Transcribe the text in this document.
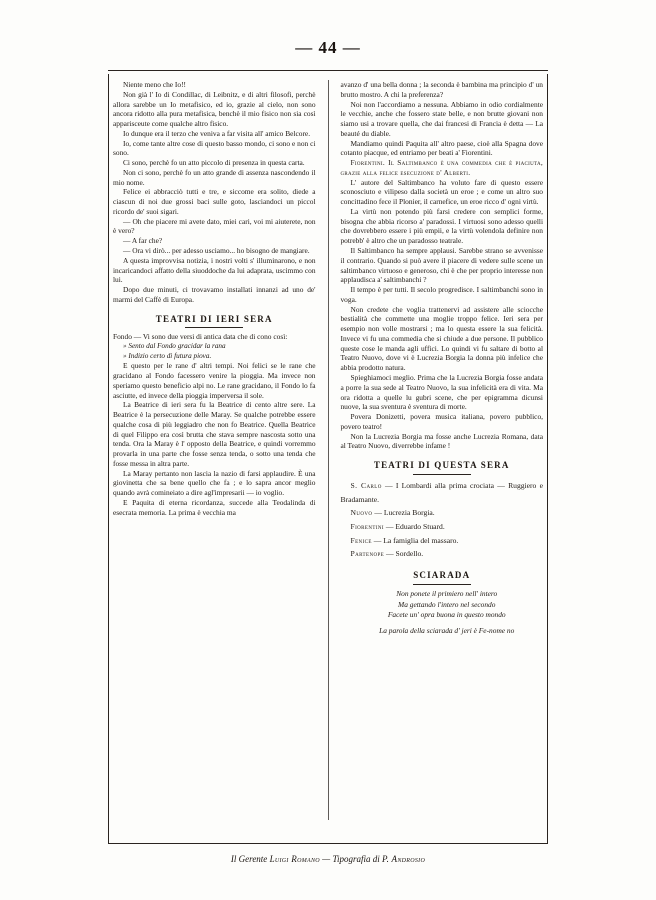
— 44 —

Niente meno che Io!!

Non già l' Io di Condillac, di Leibnitz, e di altri filosofi, perchè allora sarebbe un Io metafisico, ed io, grazie al cielo, non sono ancora ridotto alla pura metafisica, benchè il mio fisico non sia così apparisceute come qualche altro fisico.

Io dunque era il terzo che veniva a far visita all' amico Belcore.

Io, come tante altre cose di questo basso mondo, ci sono e non ci sono.

Ci sono, perchè fo un atto piccolo di presenza in questa carta.

Non ci sono, perchè fo un atto grande di assenza nascondendo il mio nome.

Felice ei abbracciò tutti e tre, e siccome era solito, diede a ciascun di noi due grossi baci sulle goto, lasciandoci un piccol ricordo de' suoi sigari.

— Oh che piacere mi avete dato, miei cari, voi mi aiuterete, non è vero?

— A far che?

— Ora vi dirò... per adesso usciamo... ho bisogno de mangiare.

A questa improvvisa notizia, i nostri volti s' illuminarono, e non incaricandoci affatto della siuoddoche da lui adaprata, uscimmo con lui.

Dopo due minuti, ci trovavamo installati innanzi ad uno de' marmi del Caffè di Europa.

TEATRI DI IERI SERA

Fondo — Vi sono due versi di antica data che di cono così:

» Sento dal Fondo gracidar la rana

» Indizio certo di futura piova.

E questo per le rane d' altri tempi. Noi felici se le rane che gracidano al Fondo facessero venire la pioggia. Ma invece non speriamo questo beneficio alpi no. Le rane gracidano, il Fondo lo fa asciutte, ed invece della pioggia imperversa il sole.

La Beatrice di ieri sera fu la Beatrice di cento altre sere. La Beatrice è la persecuzione delle Maray. Se qualche potrebbe essere qualche cosa di più leggiadro che non fo Beatrice. Quella Beatrice di quel Filippo era così brutta che stava sempre nascosta sotto una tenda. Ora la Maray è l' opposto della Beatrice, e quindi vorremmo provarla in una parte che fosse senza tenda, o sotto una tenda che fosse messa in altra parte.

La Maray pertanto non lascia la nazio di farsi applaudire. È una giovinetta che sa bene quello che fa ; e lo sapra ancor meglio quando avrà comineiato a dire agl'impresarii — io voglio.

E Paquita di eterna ricordanza, succede alla Teodalinda di esecrata memoria. La prima è vecchia ma

avanzo d' una bella donna ; la seconda è bambina ma principio d' un brutto mostro. A chi la preferenza?

Noi non l'accordiamo a nessuna. Abbiamo in odio cordialmente le vecchie, anche che fossero state belle, e non brutte giovani non siamo usi a trovare quella, che dai francesi di Francia è detta — La beauté du diable.

Mandiamo quindi Paquita all' altro paese, cioè alla Spagna dove cotanto piacque, ed entriamo per beati a' Fiorentini.

Fiorentini. Il Saltimbanco è una commedia che è piaciuta, grazie alla felice esecuzione d' Alberti.

L' autore del Saltimbanco ha voluto fare di questo essere sconosciuto e vilipeso dalla società un eroe ; e come un altro suo concittadino fece il Plonier, il carnefice, un eroe ricco d' ogni virtù.

La virtù non potendo più farsi credere con semplici forme, bisogna che abbia ricorso a' paradossi. I virtuosi sono adesso quelli che dovrebbero essere i più empii, e la virtù volendola definire non potrebb' è altro che un paradosso teatrale.

Il Saltimbanco ha sempre applausi. Sarebbe strano se avvenisse il contrario. Quando si può avere il piacere di vedere sulle scene un saltimbanco virtuoso e generoso, chi è che per proprio interesse non applaudisca a' saltimbanchi ?

Il tempo è per tutti. Il secolo progredisce. I saltimbanchi sono in voga.

Non credete che voglia trattenervi ad assistere alle sciocche bestialità che commette una moglie troppo felice. Ieri sera per esempio non volle mostrarsi ; ma lo questa essere la sua felicità. Invece vi fu una commedia che si chiude a due persone. Il pubblico queste cose le manda agli uffici. Lo quindi vi fu saltare di botto al Teatro Nuovo, dove vi è Lucrezia Borgia la donna più infelice che abbia prodotto natura.

Spieghiamoci meglio. Prima che la Lucrezia Borgia fosse andata a porre la sua sede al Teatro Nuovo, la sua infelicità era di vita. Ma ora ridotta a quelle lu gubri scene, che per epigramma dicunsi nuove, la sua sventura è sventura di morte.

Povera Donizetti, povera musica italiana, povero pubblico, povero teatro!

Non la Lucrezia Borgia ma fosse anche Lucrezia Romana, data al Teatro Nuovo, diverrebbe infame !

TEATRI DI QUESTA SERA

S. Carlo — I Lombardi alla prima crociata — Ruggiero e Bradamante.

Nuovo — Lucrezia Borgia.

Fiorentini — Eduardo Stuard.

Fenice — La famiglia del massaro.

Partenope — Sordello.

SCIARADA

Non ponete il primiero nell' intero

Ma gettando l'intero nel secondo

Facete un' opra buona in questo mondo

La parola della sciarada d' jeri è Fe-nome no

Il Gerente Luigi Romano — Tipografia di P. Androsio
